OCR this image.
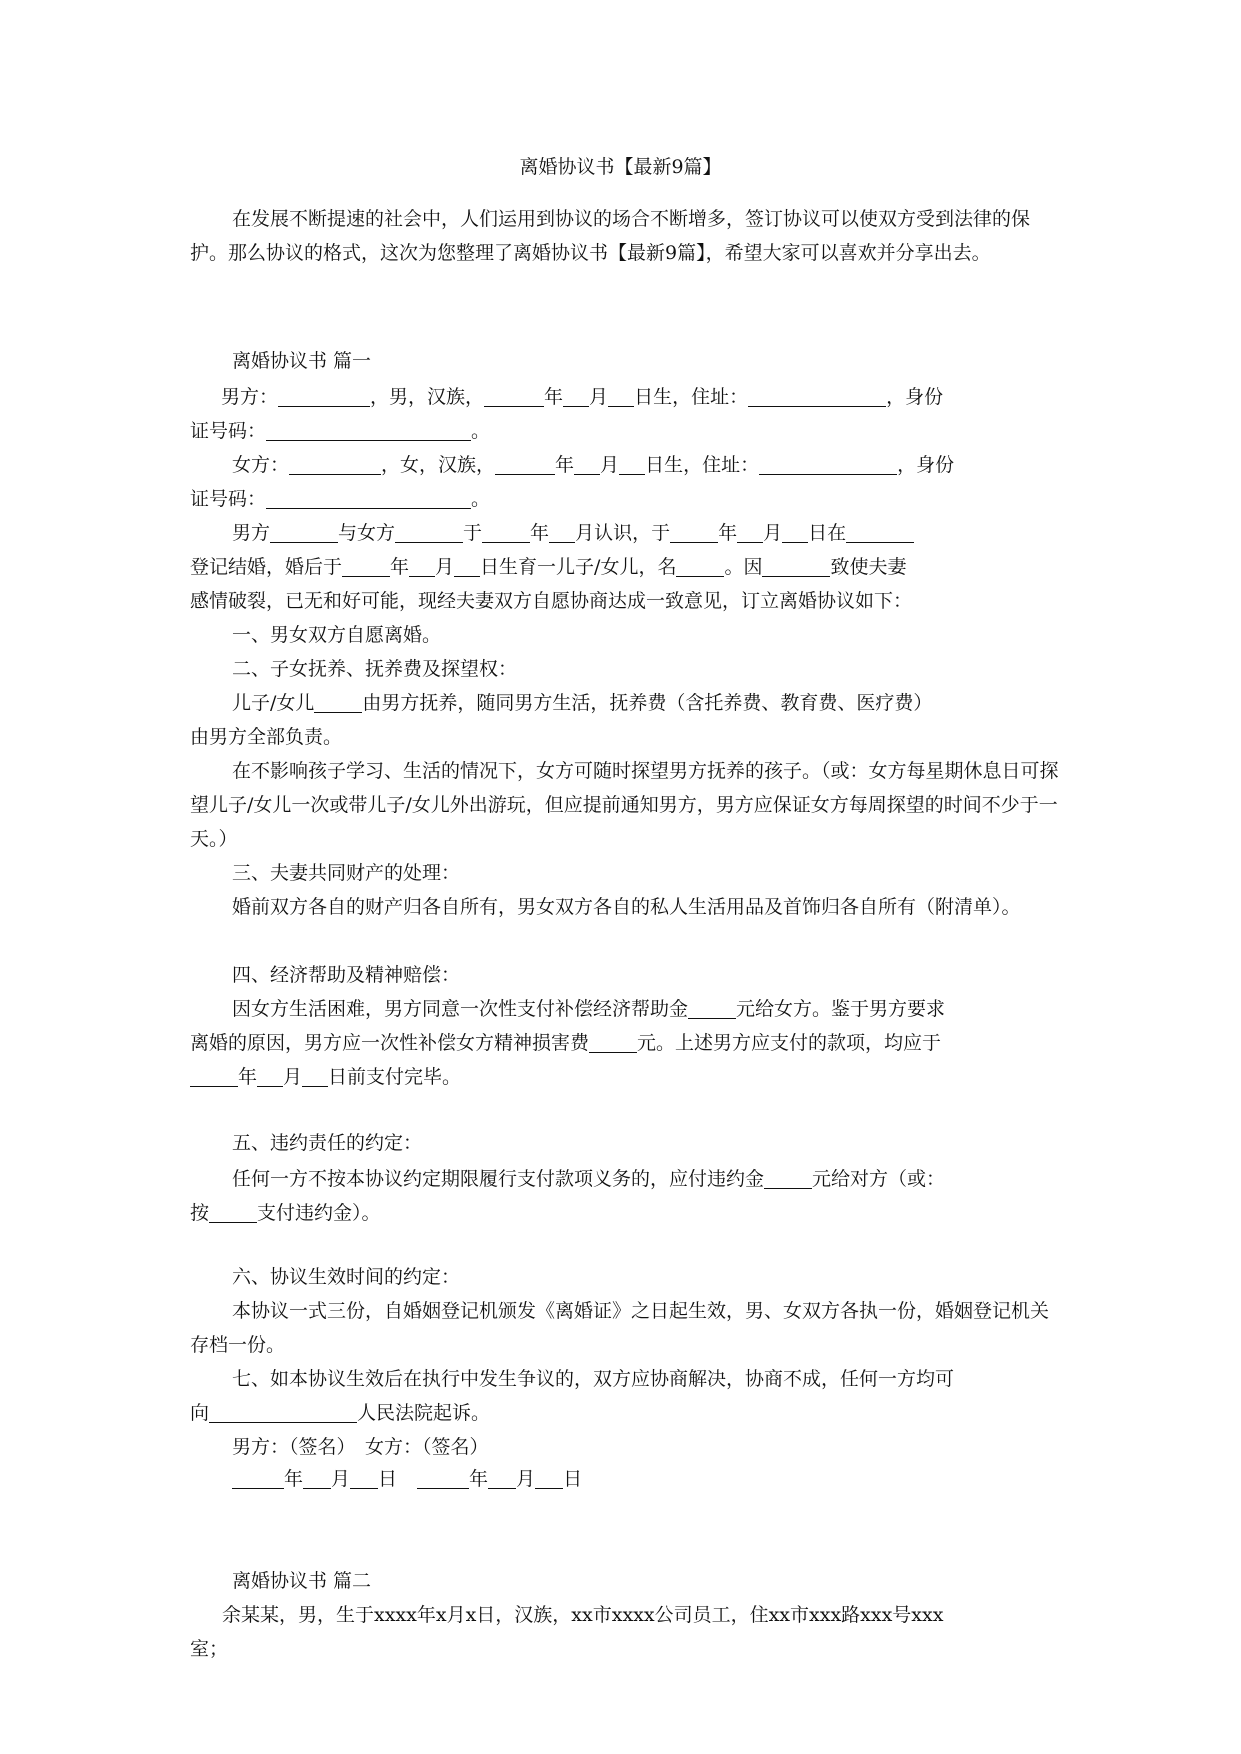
离婚协议书【最新9篇】
在发展不断提速的社会中，人们运用到协议的场合不断增多，签订协议可以使双方受到法律的保护。那么协议的格式，这次为您整理了离婚协议书【最新9篇】，希望大家可以喜欢并分享出去。
离婚协议书 篇一
男方：	，男，汉族，	年 月 日生，住址：	，身份
证号码：	。
女方：	，女，汉族，	年 月 日生，住址：	，身份
证号码：	。
男方	与女方	于	年 月认识，于	年 月 日在
登记结婚，婚后于	年 月 日生育一儿子/女儿，名	。因	致使夫妻
感情破裂，已无和好可能，现经夫妻双方自愿协商达成一致意见，订立离婚协议如下：
一、男女双方自愿离婚。
二、子女抚养、抚养费及探望权：
儿子/女儿	由男方抚养，随同男方生活，抚养费（含托养费、教育费、医疗费）
由男方全部负责。
在不影响孩子学习、生活的情况下，女方可随时探望男方抚养的孩子。（或：女方每星期休息日可探望儿子/女儿一次或带儿子/女儿外出游玩，但应提前通知男方，男方应保证女方每周探望的时间不少于一天。）
三、夫妻共同财产的处理：
婚前双方各自的财产归各自所有，男女双方各自的私人生活用品及首饰归各自所有（附清单）。
四、经济帮助及精神赔偿：
因女方生活困难，男方同意一次性支付补偿经济帮助金	元给女方。鉴于男方要求
离婚的原因，男方应一次性补偿女方精神损害费	元。上述男方应支付的款项，均应于
年 月 日前支付完毕。
五、违约责任的约定：
任何一方不按本协议约定期限履行支付款项义务的，应付违约金	元给对方（或：
按	支付违约金）。
六、协议生效时间的约定：
本协议一式三份，自婚姻登记机颁发《离婚证》之日起生效，男、女双方各执一份，婚姻登记机关存档一份。
七、如本协议生效后在执行中发生争议的，双方应协商解决，协商不成，任何一方均可
向	人民法院起诉。
男方：（签名）　女方：（签名）
年 月 日	年 月 日
离婚协议书 篇二
余某某，男，生于xxxx年x月x日，汉族，xx市xxxx公司员工，住xx市xxx路xxx号xxx
室；
